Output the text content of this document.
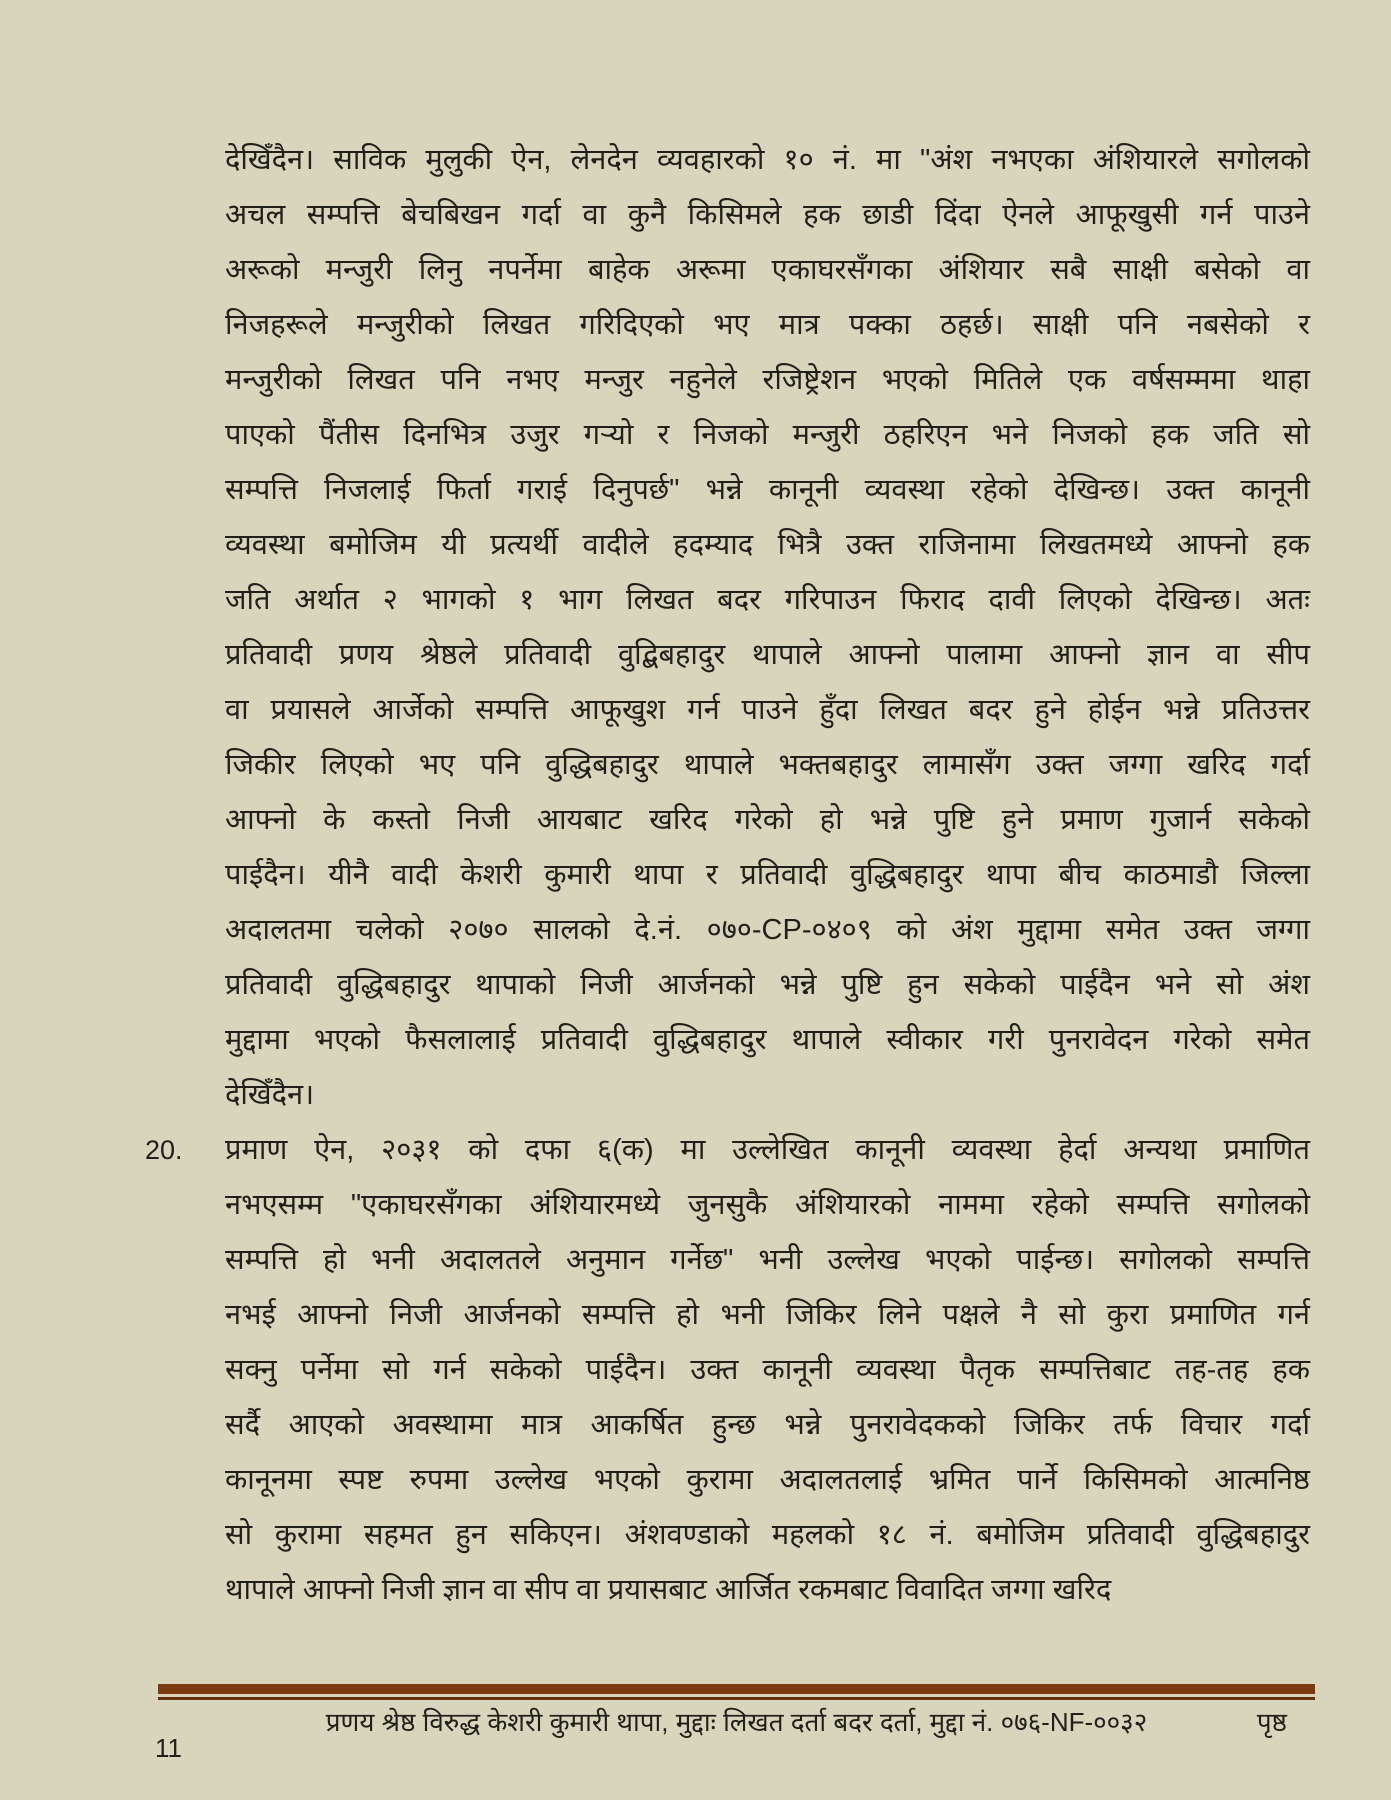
देखिँदैन। साविक मुलुकी ऐन, लेनदेन व्यवहारको १० नं. मा "अंश नभएका अंशियारले सगोलको
अचल सम्पत्ति बेचबिखन गर्दा वा कुनै किसिमले हक छाडी दिंदा ऐनले आफूखुसी गर्न पाउने
अरूको मन्जुरी लिनु नपर्नेमा बाहेक अरूमा एकाघरसँगका अंशियार सबै साक्षी बसेको वा
निजहरूले मन्जुरीको लिखत गरिदिएको भए मात्र पक्का ठहर्छ। साक्षी पनि नबसेको र
मन्जुरीको लिखत पनि नभए मन्जुर नहुनेले रजिष्ट्रेशन भएको मितिले एक वर्षसम्ममा थाहा
पाएको पैंतीस दिनभित्र उजुर गऱ्यो र निजको मन्जुरी ठहरिएन भने निजको हक जति सो
सम्पत्ति निजलाई फिर्ता गराई दिनुपर्छ" भन्ने कानूनी व्यवस्था रहेको देखिन्छ। उक्त कानूनी
व्यवस्था बमोजिम यी प्रत्यर्थी वादीले हदम्याद भित्रै उक्त राजिनामा लिखतमध्ये आफ्नो हक
जति अर्थात २ भागको १ भाग लिखत बदर गरिपाउन फिराद दावी लिएको देखिन्छ। अतः
प्रतिवादी प्रणय श्रेष्ठले प्रतिवादी वुद्बिबहादुर थापाले आफ्नो पालामा आफ्नो ज्ञान वा सीप
वा प्रयासले आर्जेको सम्पत्ति आफूखुश गर्न पाउने हुँदा लिखत बदर हुने होईन भन्ने प्रतिउत्तर
जिकीर लिएको भए पनि वुद्धिबहादुर थापाले भक्तबहादुर लामासँग उक्त जग्गा खरिद गर्दा
आफ्नो के कस्तो निजी आयबाट खरिद गरेको हो भन्ने पुष्टि हुने प्रमाण गुजार्न सकेको
पाईदैन। यीनै वादी केशरी कुमारी थापा र प्रतिवादी वुद्धिबहादुर थापा बीच काठमाडौ जिल्ला
अदालतमा चलेको २०७० सालको दे.नं. ०७०-CP-०४०९ को अंश मुद्दामा समेत उक्त जग्गा
प्रतिवादी वुद्धिबहादुर थापाको निजी आर्जनको भन्ने पुष्टि हुन सकेको पाईदैन भने सो अंश
मुद्दामा भएको फैसलालाई प्रतिवादी वुद्धिबहादुर थापाले स्वीकार गरी पुनरावेदन गरेको समेत
देखिँदैन।
20. प्रमाण ऐन, २०३१ को दफा ६(क) मा उल्लेखित कानूनी व्यवस्था हेर्दा अन्यथा प्रमाणित
नभएसम्म "एकाघरसँगका अंशियारमध्ये जुनसुकै अंशियारको नाममा रहेको सम्पत्ति सगोलको
सम्पत्ति हो भनी अदालतले अनुमान गर्नेछ" भनी उल्लेख भएको पाईन्छ। सगोलको सम्पत्ति
नभई आफ्नो निजी आर्जनको सम्पत्ति हो भनी जिकिर लिने पक्षले नै सो कुरा प्रमाणित गर्न
सक्नु पर्नेमा सो गर्न सकेको पाईदैन। उक्त कानूनी व्यवस्था पैतृक सम्पत्तिबाट तह-तह हक
सर्दै आएको अवस्थामा मात्र आकर्षित हुन्छ भन्ने पुनरावेदकको जिकिर तर्फ विचार गर्दा
कानूनमा स्पष्ट रुपमा उल्लेख भएको कुरामा अदालतलाई भ्रमित पार्ने किसिमको आत्मनिष्ठ
सो कुरामा सहमत हुन सकिएन। अंशवण्डाको महलको १८ नं. बमोजिम प्रतिवादी वुद्धिबहादुर
थापाले आफ्नो निजी ज्ञान वा सीप वा प्रयासबाट आर्जित रकमबाट विवादित जग्गा खरिद
प्रणय श्रेष्ठ विरुद्ध केशरी कुमारी थापा, मुद्दाः लिखत दर्ता बदर दर्ता, मुद्दा नं. ०७६-NF-००३२	पृष्ठ
11
